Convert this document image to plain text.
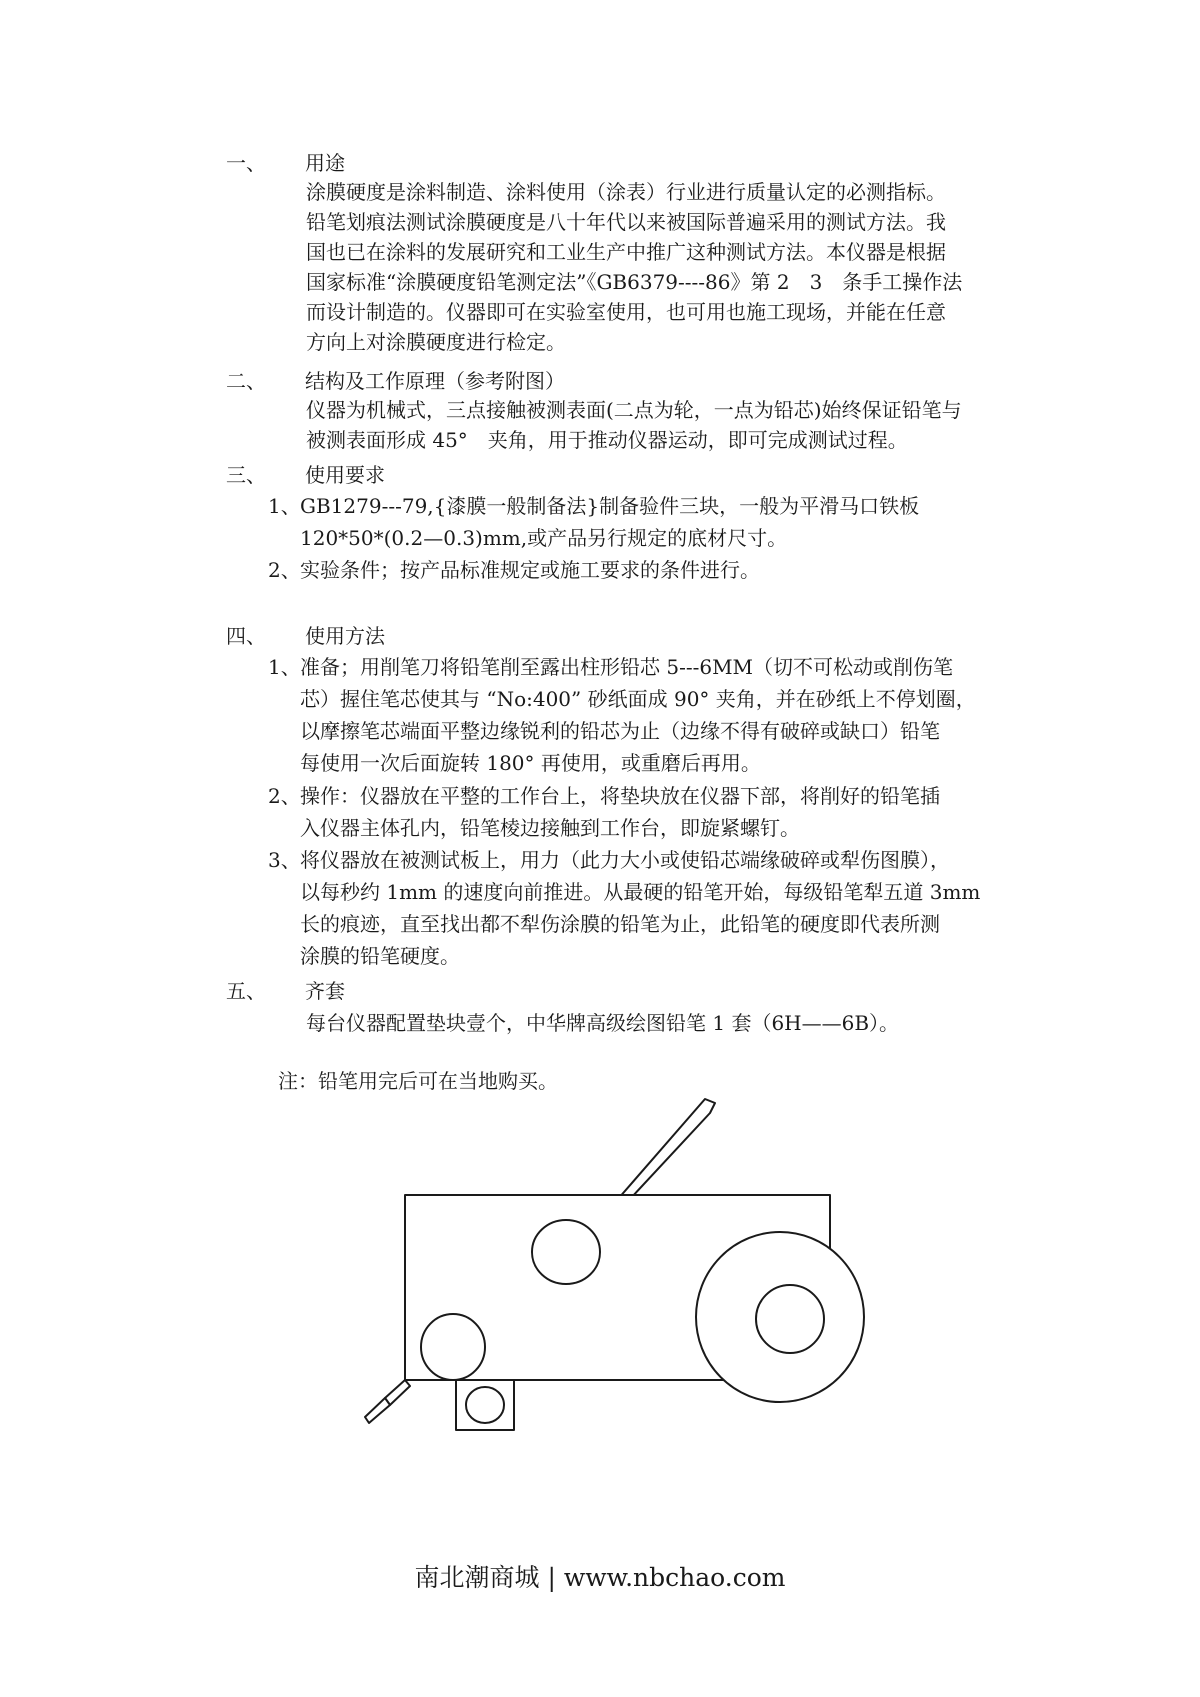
一、 用途
涂膜硬度是涂料制造、涂料使用（涂表）行业进行质量认定的必测指标。
铅笔划痕法测试涂膜硬度是八十年代以来被国际普遍采用的测试方法。我
国也已在涂料的发展研究和工业生产中推广这种测试方法。本仪器是根据
国家标准“涂膜硬度铅笔测定法”《GB6379----86》第 2　3　条手工操作法
而设计制造的。仪器即可在实验室使用，也可用也施工现场，并能在任意
方向上对涂膜硬度进行检定。
二、 结构及工作原理（参考附图）
仪器为机械式，三点接触被测表面(二点为轮，一点为铅芯)始终保证铅笔与
被测表面形成 45°　夹角，用于推动仪器运动，即可完成测试过程。
三、 使用要求
1、 GB1279---79,{漆膜一般制备法}制备验件三块，一般为平滑马口铁板
120*50*(0.2—0.3)mm,或产品另行规定的底材尺寸。
2、 实验条件；按产品标准规定或施工要求的条件进行。
四、 使用方法
1、 准备；用削笔刀将铅笔削至露出柱形铅芯 5---6MM（切不可松动或削伤笔
芯）握住笔芯使其与 “No:400” 砂纸面成 90° 夹角，并在砂纸上不停划圈，
以摩擦笔芯端面平整边缘锐利的铅芯为止（边缘不得有破碎或缺口）铅笔
每使用一次后面旋转 180° 再使用，或重磨后再用。
2、 操作：仪器放在平整的工作台上，将垫块放在仪器下部，将削好的铅笔插
入仪器主体孔内，铅笔棱边接触到工作台，即旋紧螺钉。
3、 将仪器放在被测试板上，用力（此力大小或使铅芯端缘破碎或犁伤图膜），
以每秒约 1mm 的速度向前推进。从最硬的铅笔开始，每级铅笔犁五道 3mm
长的痕迹，直至找出都不犁伤涂膜的铅笔为止，此铅笔的硬度即代表所测
涂膜的铅笔硬度。
五、 齐套
每台仪器配置垫块壹个，中华牌高级绘图铅笔 1 套（6H——6B）。
注：铅笔用完后可在当地购买。
南北潮商城 | www.nbchao.com
